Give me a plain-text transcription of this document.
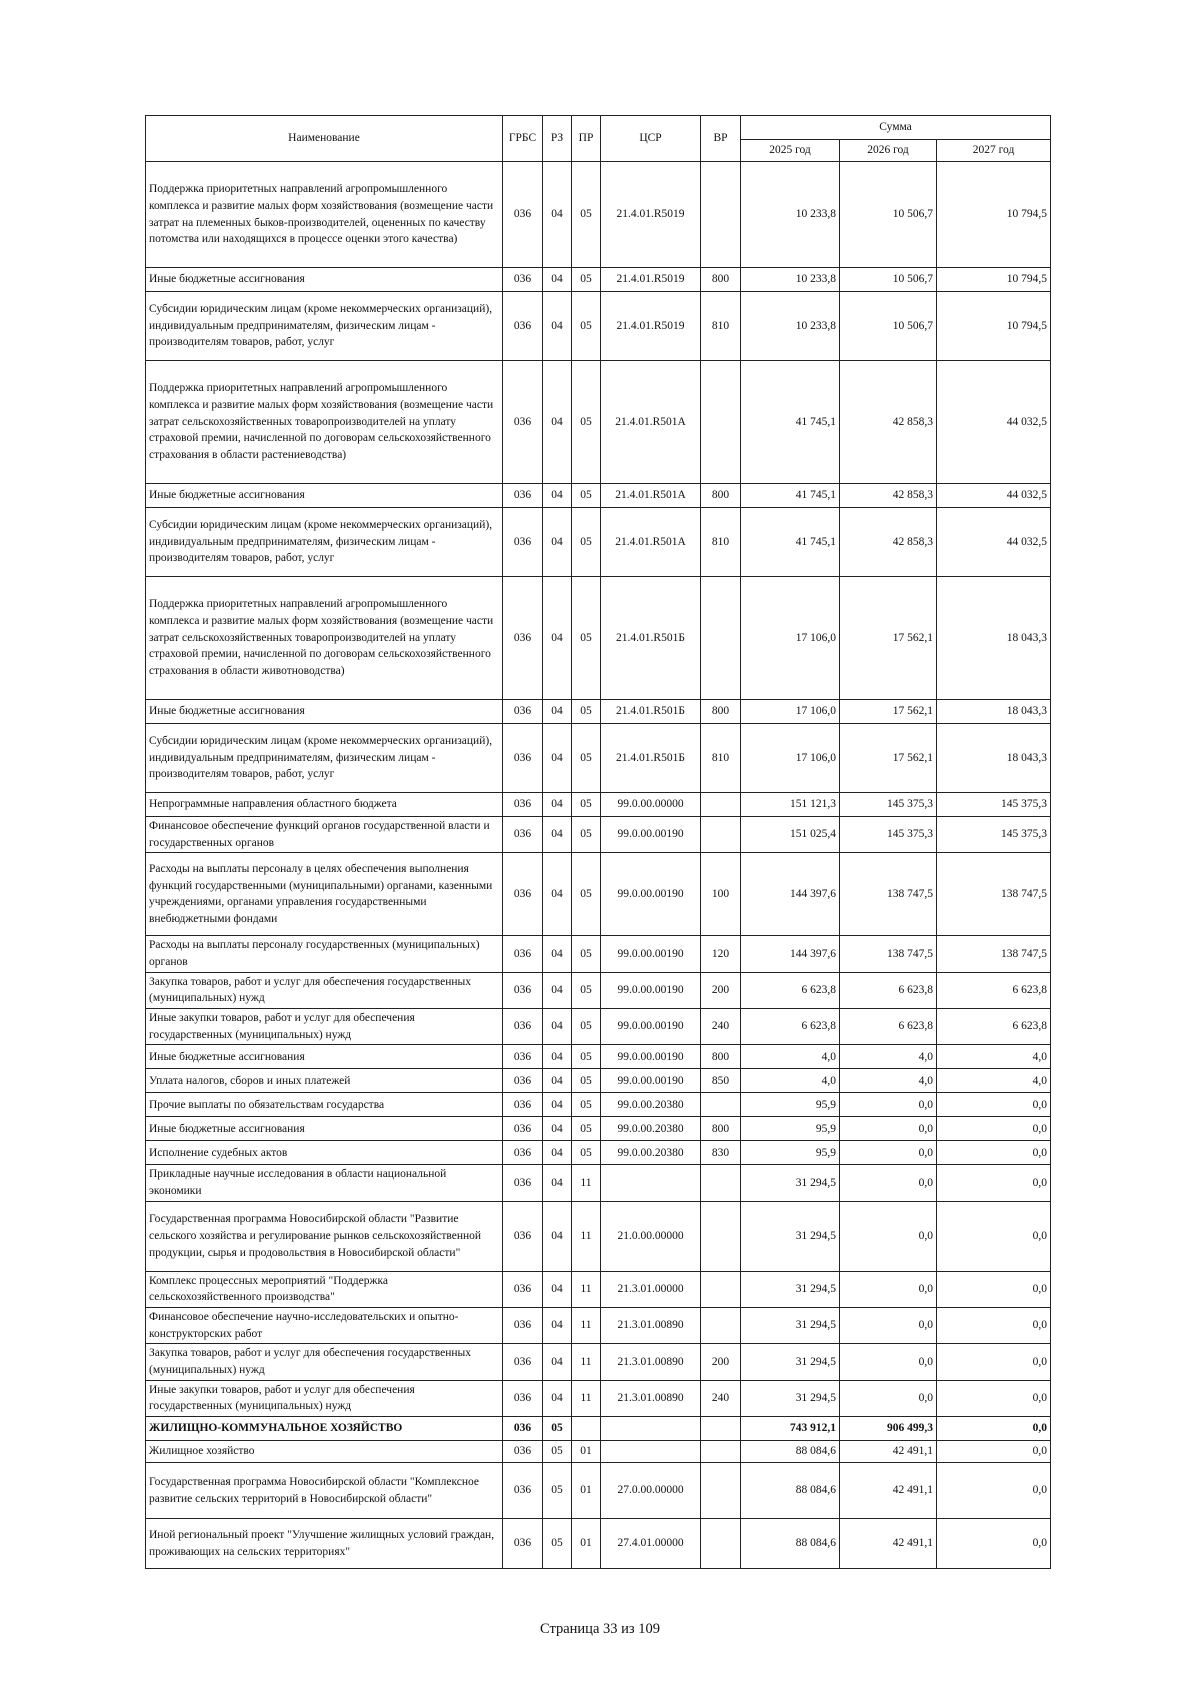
Наименование	ГРБС	РЗ	ПР	ЦСР	ВР	Сумма		
						2025 год	2026 год	2027 год
Поддержка приоритетных направлений агропромышленного комплекса и развитие малых форм хозяйствования (возмещение части затрат на племенных быков-производителей, оцененных по качеству потомства или находящихся в процессе оценки этого качества)	036	04	05	21.4.01.R5019		10 233,8	10 506,7	10 794,5
Иные бюджетные ассигнования	036	04	05	21.4.01.R5019	800	10 233,8	10 506,7	10 794,5
Субсидии юридическим лицам (кроме некоммерческих организаций), индивидуальным предпринимателям, физическим лицам - производителям товаров, работ, услуг	036	04	05	21.4.01.R5019	810	10 233,8	10 506,7	10 794,5
Поддержка приоритетных направлений агропромышленного комплекса и развитие малых форм хозяйствования (возмещение части затрат сельскохозяйственных товаропроизводителей на уплату страховой премии, начисленной по договорам сельскохозяйственного страхования в области растениеводства)	036	04	05	21.4.01.R501А		41 745,1	42 858,3	44 032,5
Иные бюджетные ассигнования	036	04	05	21.4.01.R501А	800	41 745,1	42 858,3	44 032,5
Субсидии юридическим лицам (кроме некоммерческих организаций), индивидуальным предпринимателям, физическим лицам - производителям товаров, работ, услуг	036	04	05	21.4.01.R501А	810	41 745,1	42 858,3	44 032,5
Поддержка приоритетных направлений агропромышленного комплекса и развитие малых форм хозяйствования (возмещение части затрат сельскохозяйственных товаропроизводителей на уплату страховой премии, начисленной по договорам сельскохозяйственного страхования в области животноводства)	036	04	05	21.4.01.R501Б		17 106,0	17 562,1	18 043,3
Иные бюджетные ассигнования	036	04	05	21.4.01.R501Б	800	17 106,0	17 562,1	18 043,3
Субсидии юридическим лицам (кроме некоммерческих организаций), индивидуальным предпринимателям, физическим лицам - производителям товаров, работ, услуг	036	04	05	21.4.01.R501Б	810	17 106,0	17 562,1	18 043,3
Непрограммные направления областного бюджета	036	04	05	99.0.00.00000		151 121,3	145 375,3	145 375,3
Финансовое обеспечение функций органов государственной власти и государственных органов	036	04	05	99.0.00.00190		151 025,4	145 375,3	145 375,3
Расходы на выплаты персоналу в целях обеспечения выполнения функций государственными (муниципальными) органами, казенными учреждениями, органами управления государственными внебюджетными фондами	036	04	05	99.0.00.00190	100	144 397,6	138 747,5	138 747,5
Расходы на выплаты персоналу государственных (муниципальных) органов	036	04	05	99.0.00.00190	120	144 397,6	138 747,5	138 747,5
Закупка товаров, работ и услуг для обеспечения государственных (муниципальных) нужд	036	04	05	99.0.00.00190	200	6 623,8	6 623,8	6 623,8
Иные закупки товаров, работ и услуг для обеспечения государственных (муниципальных) нужд	036	04	05	99.0.00.00190	240	6 623,8	6 623,8	6 623,8
Иные бюджетные ассигнования	036	04	05	99.0.00.00190	800	4,0	4,0	4,0
Уплата налогов, сборов и иных платежей	036	04	05	99.0.00.00190	850	4,0	4,0	4,0
Прочие выплаты по обязательствам государства	036	04	05	99.0.00.20380		95,9	0,0	0,0
Иные бюджетные ассигнования	036	04	05	99.0.00.20380	800	95,9	0,0	0,0
Исполнение судебных актов	036	04	05	99.0.00.20380	830	95,9	0,0	0,0
Прикладные научные исследования в области национальной экономики	036	04	11			31 294,5	0,0	0,0
Государственная программа Новосибирской области "Развитие сельского хозяйства и регулирование рынков сельскохозяйственной продукции, сырья и продовольствия в Новосибирской области"	036	04	11	21.0.00.00000		31 294,5	0,0	0,0
Комплекс процессных мероприятий "Поддержка сельскохозяйственного производства"	036	04	11	21.3.01.00000		31 294,5	0,0	0,0
Финансовое обеспечение научно-исследовательских и опытно-конструкторских работ	036	04	11	21.3.01.00890		31 294,5	0,0	0,0
Закупка товаров, работ и услуг для обеспечения государственных (муниципальных) нужд	036	04	11	21.3.01.00890	200	31 294,5	0,0	0,0
Иные закупки товаров, работ и услуг для обеспечения государственных (муниципальных) нужд	036	04	11	21.3.01.00890	240	31 294,5	0,0	0,0
ЖИЛИЩНО-КОММУНАЛЬНОЕ ХОЗЯЙСТВО	036	05				743 912,1	906 499,3	0,0
Жилищное хозяйство	036	05	01			88 084,6	42 491,1	0,0
Государственная программа Новосибирской области "Комплексное развитие сельских территорий в Новосибирской области"	036	05	01	27.0.00.00000		88 084,6	42 491,1	0,0
Иной региональный проект "Улучшение жилищных условий граждан, проживающих на сельских территориях"	036	05	01	27.4.01.00000		88 084,6	42 491,1	0,0
Страница 33 из 109
